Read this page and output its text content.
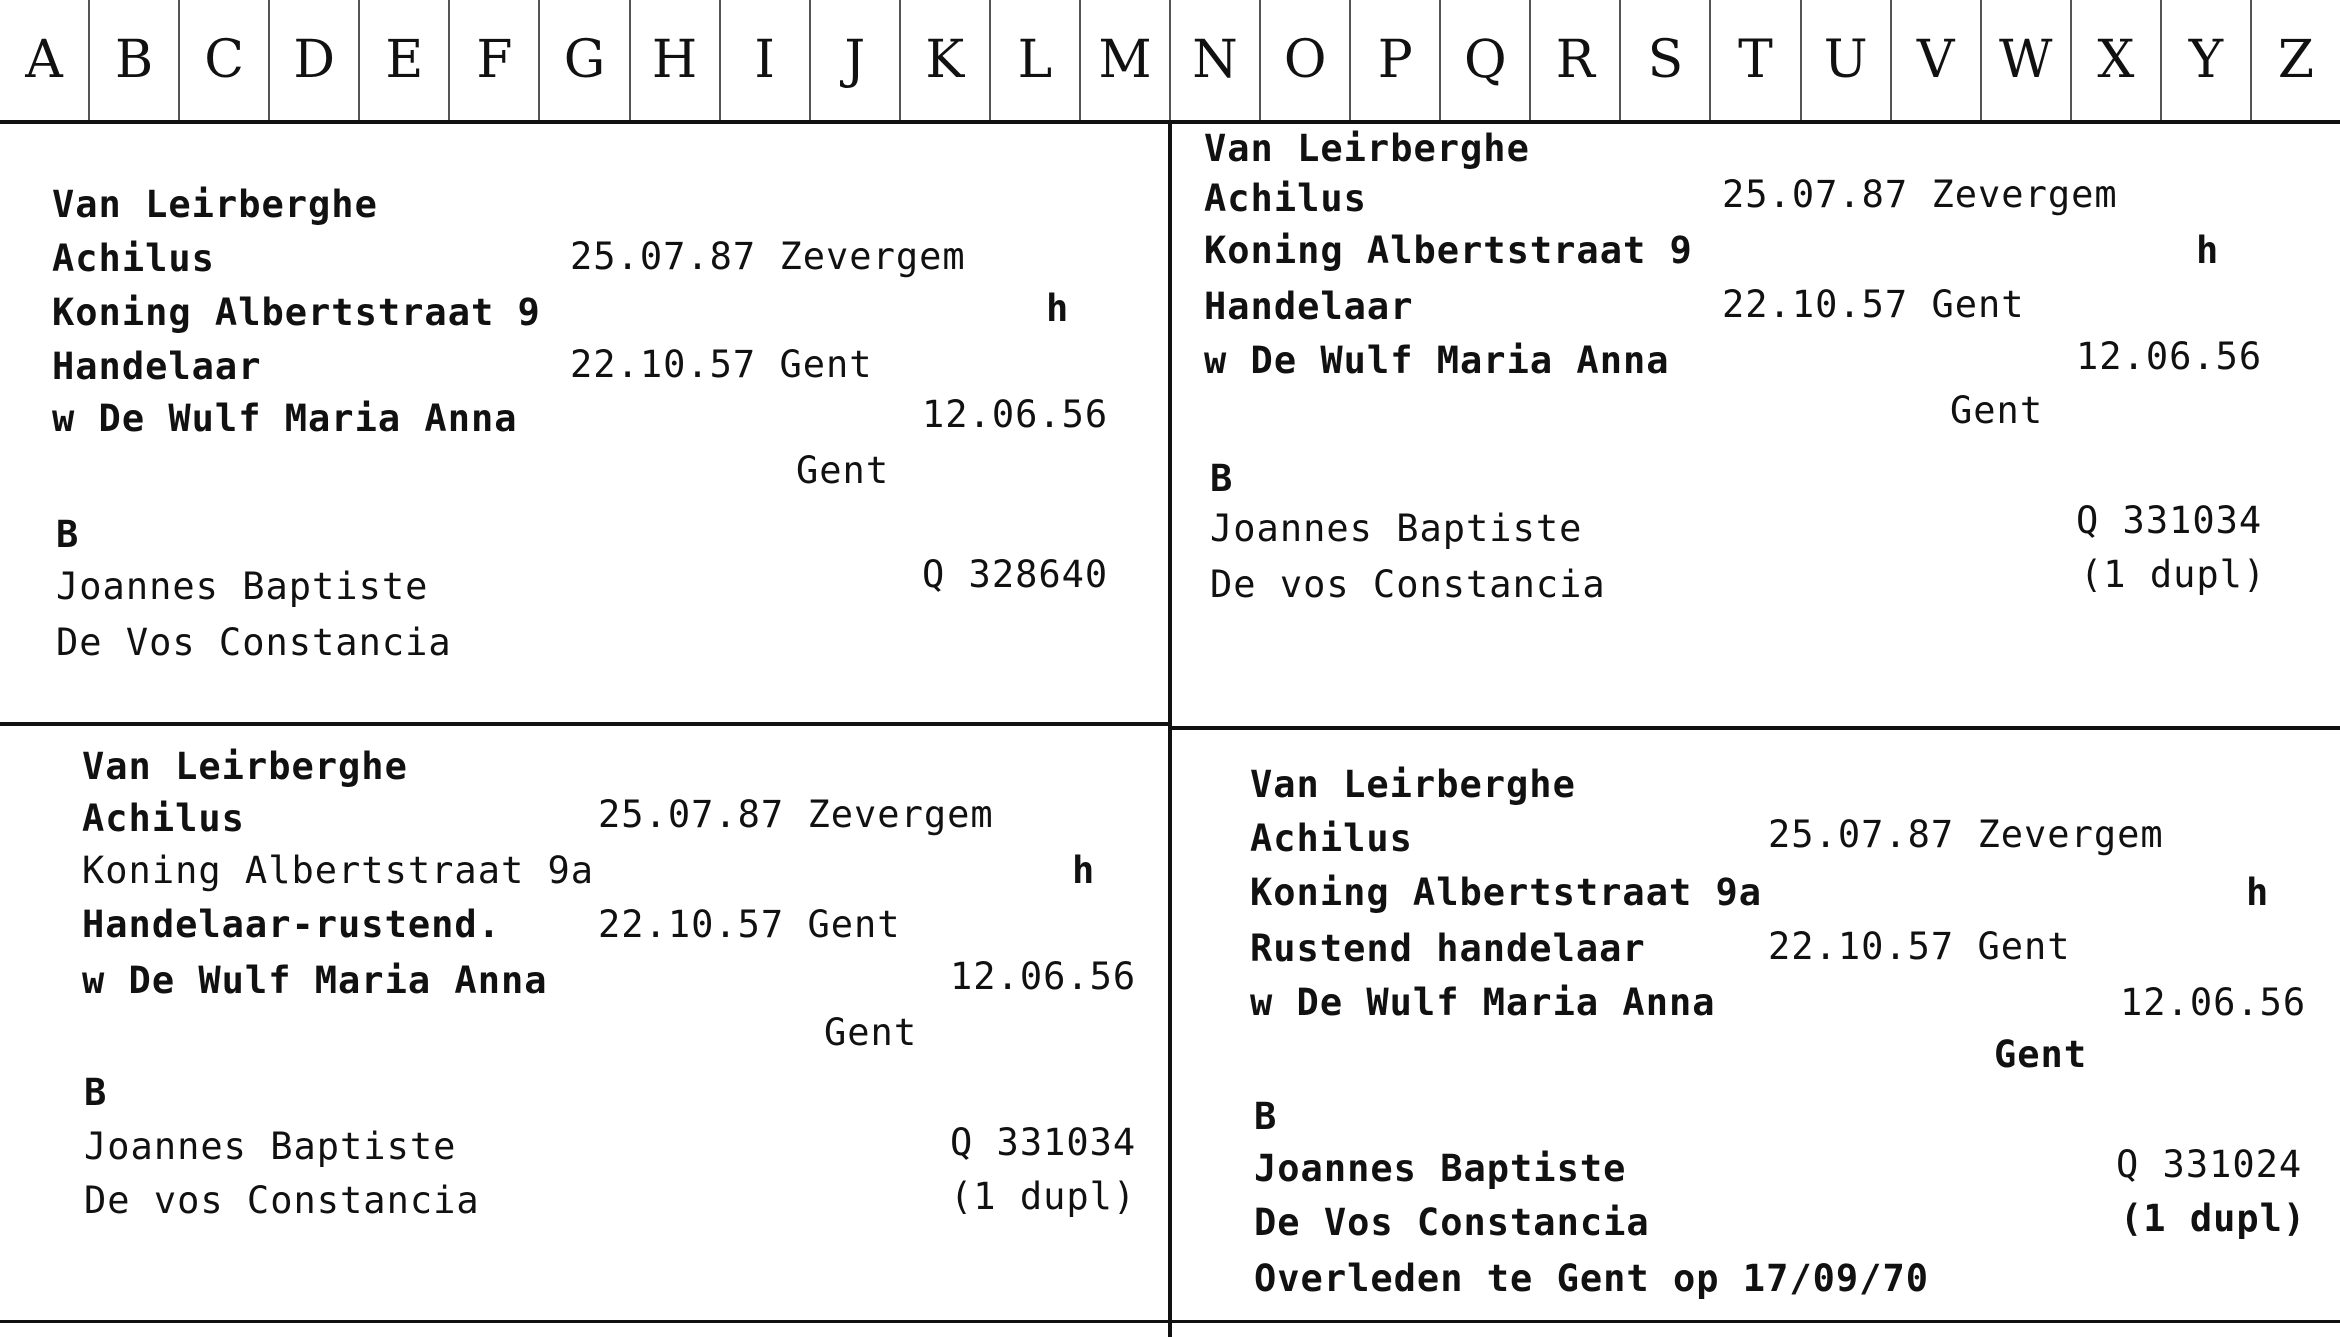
A	B C D E	F G H	I	J	K	L M N O P Q R	S	T U V W X	Y	Z
Van Leirberghe
Achilus	25.07.87 Zevergem
Koning Albertstraat 9	h
Handelaar	22.10.57 Gent
w De Wulf Maria Anna	12.06.56
Gent
B
Joannes Baptiste	Q 328640
De Vos Constancia
Van Leirberghe
Achilus	25.07.87 Zevergem
Koning Albertstraat 9	h
Handelaar	22.10.57 Gent
w De Wulf Maria Anna	12.06.56
Gent
B
Joannes Baptiste	Q 331034
De vos Constancia	(1 dupl)
Van Leirberghe
Achilus	25.07.87 Zevergem
Koning Albertstraat 9a	h
Handelaar-rustend.	22.10.57 Gent
w De Wulf Maria Anna	12.06.56
Gent
B
Joannes Baptiste	Q 331034
De vos Constancia	(1 dupl)
Van Leirberghe
Achilus	25.07.87 Zevergem
Koning Albertstraat 9a	h
Rustend handelaar	22.10.57 Gent
w De Wulf Maria Anna	12.06.56
Gent
B
Joannes Baptiste	Q 331024
De Vos Constancia	(1 dupl)
Overleden te Gent op 17/09/70
